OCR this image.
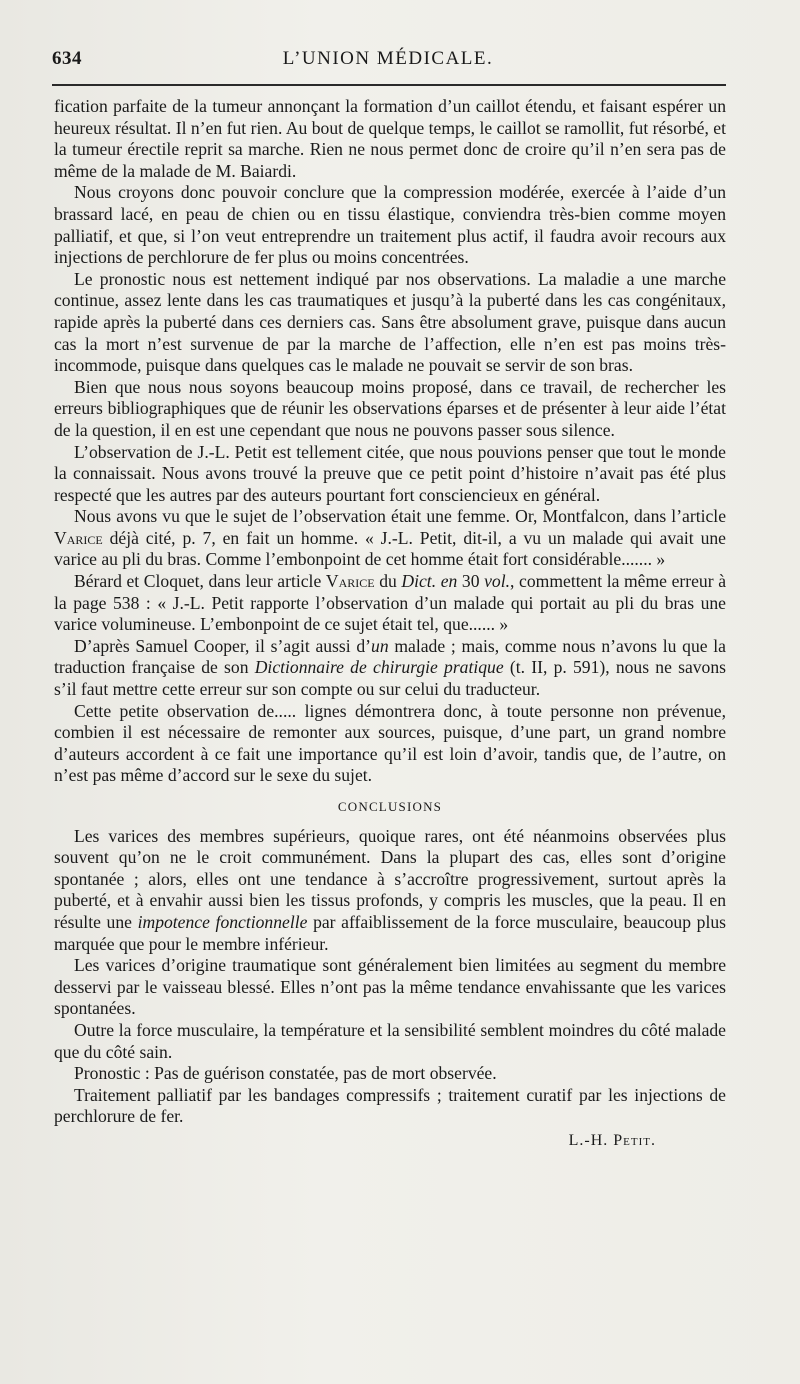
634	L’UNION MÉDICALE.

fication parfaite de la tumeur annonçant la formation d’un caillot étendu, et faisant espérer un heureux résultat. Il n’en fut rien. Au bout de quelque temps, le caillot se ramollit, fut résorbé, et la tumeur érectile reprit sa marche. Rien ne nous permet donc de croire qu’il n’en sera pas de même de la malade de M. Baiardi.

Nous croyons donc pouvoir conclure que la compression modérée, exercée à l’aide d’un brassard lacé, en peau de chien ou en tissu élastique, conviendra très-bien comme moyen palliatif, et que, si l’on veut entreprendre un traitement plus actif, il faudra avoir recours aux injections de perchlorure de fer plus ou moins concentrées.

Le pronostic nous est nettement indiqué par nos observations. La maladie a une marche continue, assez lente dans les cas traumatiques et jusqu’à la puberté dans les cas congénitaux, rapide après la puberté dans ces derniers cas. Sans être absolument grave, puisque dans aucun cas la mort n’est survenue de par la marche de l’affection, elle n’en est pas moins très-incommode, puisque dans quelques cas le malade ne pouvait se servir de son bras.

Bien que nous nous soyons beaucoup moins proposé, dans ce travail, de rechercher les erreurs bibliographiques que de réunir les observations éparses et de présenter à leur aide l’état de la question, il en est une cependant que nous ne pouvons passer sous silence.

L’observation de J.-L. Petit est tellement citée, que nous pouvions penser que tout le monde la connaissait. Nous avons trouvé la preuve que ce petit point d’histoire n’avait pas été plus respecté que les autres par des auteurs pourtant fort consciencieux en général.

Nous avons vu que le sujet de l’observation était une femme. Or, Montfalcon, dans l’article Varice déjà cité, p. 7, en fait un homme. « J.-L. Petit, dit-il, a vu un malade qui avait une varice au pli du bras. Comme l’embonpoint de cet homme était fort considérable....... »

Bérard et Cloquet, dans leur article Varice du Dict. en 30 vol., commettent la même erreur à la page 538 : « J.-L. Petit rapporte l’observation d’un malade qui portait au pli du bras une varice volumineuse. L’embonpoint de ce sujet était tel, que...... »

D’après Samuel Cooper, il s’agit aussi d’un malade ; mais, comme nous n’avons lu que la traduction française de son Dictionnaire de chirurgie pratique (t. II, p. 591), nous ne savons s’il faut mettre cette erreur sur son compte ou sur celui du traducteur.

Cette petite observation de..... lignes démontrera donc, à toute personne non prévenue, combien il est nécessaire de remonter aux sources, puisque, d’une part, un grand nombre d’auteurs accordent à ce fait une importance qu’il est loin d’avoir, tandis que, de l’autre, on n’est pas même d’accord sur le sexe du sujet.

CONCLUSIONS

Les varices des membres supérieurs, quoique rares, ont été néanmoins observées plus souvent qu’on ne le croit communément. Dans la plupart des cas, elles sont d’origine spontanée ; alors, elles ont une tendance à s’accroître progressivement, surtout après la puberté, et à envahir aussi bien les tissus profonds, y compris les muscles, que la peau. Il en résulte une impotence fonctionnelle par affaiblissement de la force musculaire, beaucoup plus marquée que pour le membre inférieur.

Les varices d’origine traumatique sont généralement bien limitées au segment du membre desservi par le vaisseau blessé. Elles n’ont pas la même tendance envahissante que les varices spontanées.

Outre la force musculaire, la température et la sensibilité semblent moindres du côté malade que du côté sain.

Pronostic : Pas de guérison constatée, pas de mort observée.

Traitement palliatif par les bandages compressifs ; traitement curatif par les injections de perchlorure de fer.

L.-H. Petit.
